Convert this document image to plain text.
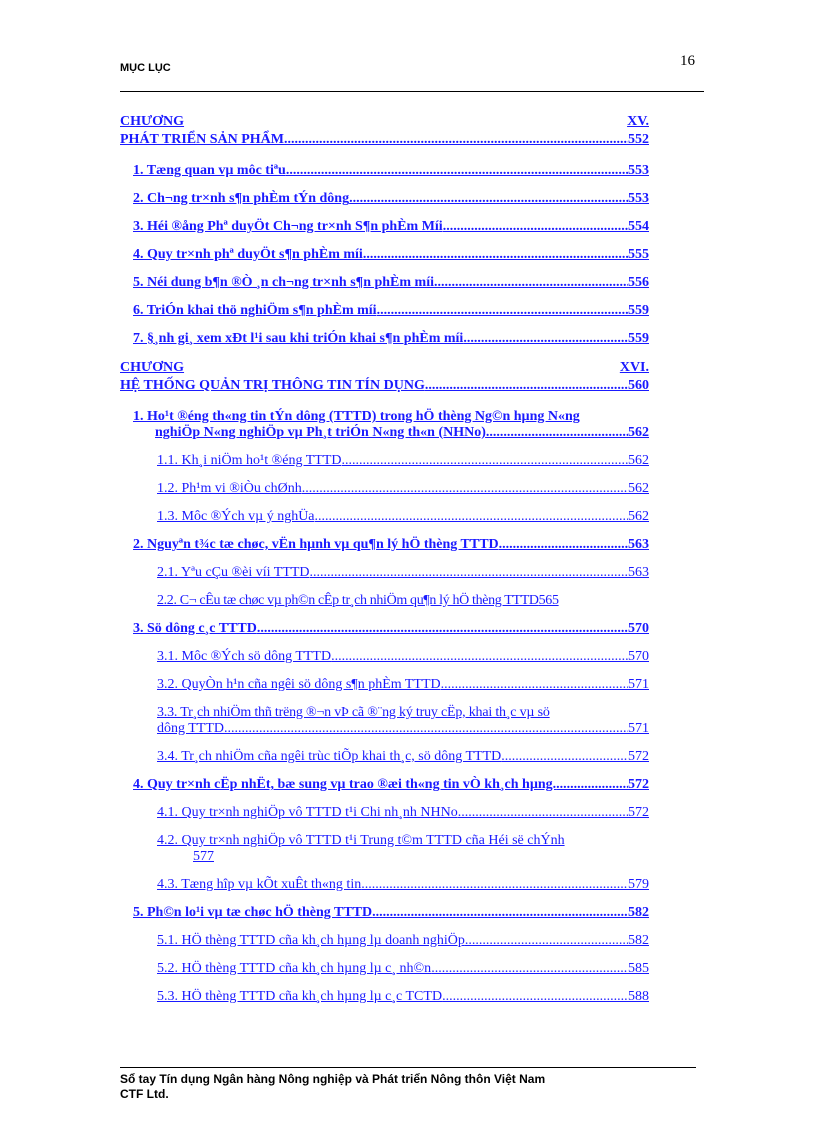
MỤC LỤC	16
CHƯƠNG	XV.
PHÁT TRIỂN SẢN PHẨM .....	552
1. Tæng quan vµ môc tiªu .....	553
2. Ch¬ng tr×nh s¶n phÈm tÝn dông .....	553
3. Héi ®ång Phª duyÖt Ch¬ng tr×nh S¶n phÈm Míi .....	554
4. Quy tr×nh phª duyÖt s¶n phÈm míi .....	555
5. Néi dung b¶n ®Ò ¸n ch¬ng tr×nh s¶n phÈm míi .....	556
6. TriÓn khai thö nghiÖm s¶n phÈm míi .....	559
7. §¸nh gi¸ xem xÐt l¹i sau khi triÓn khai s¶n phÈm míi .....	559
CHƯƠNG	XVI.
HỆ THỐNG QUẢN TRỊ THÔNG TIN TÍN DỤNG .....	560
1. Ho¹t ®éng th«ng tin tÝn dông (TTTD) trong hÖ thèng Ng©n hµng N«ng
nghiÖp N«ng nghiÖp vµ Ph¸t triÓn N«ng th«n (NHNo) .....	562
1.1. Kh¸i niÖm ho¹t ®éng TTTD .....	562
1.2. Ph¹m vi ®iÒu chØnh .....	562
1.3. Môc ®Ých vµ ý nghÜa .....	562
2. Nguyªn t¾c tæ chøc, vËn hµnh vµ qu¶n lý hÖ thèng TTTD .....	563
2.1. Yªu cÇu ®èi víi TTTD .....	563
2.2. C¬ cÊu tæ chøc vµ ph©n cÊp tr¸ch nhiÖm qu¶n lý hÖ thèng TTTD 565
3. Sö dông c¸c TTTD .....	570
3.1. Môc ®Ých sö dông TTTD .....	570
3.2. QuyÒn h¹n cña ngêi sö dông s¶n phÈm TTTD .....	571
3.3. Tr¸ch nhiÖm thñ trëng ®¬n vÞ cã ®¨ng ký truy cËp, khai th¸c vµ sö
dông TTTD .....	571
3.4. Tr¸ch nhiÖm cña ngêi trùc tiÕp khai th¸c, sö dông TTTD .....	572
4. Quy tr×nh cËp nhËt, bæ sung vµ trao ®æi th«ng tin vÒ kh¸ch hµng. .....	572
4.1. Quy tr×nh nghiÖp vô TTTD t¹i Chi nh¸nh NHNo .....	572
4.2. Quy tr×nh nghiÖp vô TTTD t¹i Trung t©m TTTD cña Héi së chÝnh
577
4.3. Tæng hîp vµ kÕt xuÊt th«ng tin .....	579
5. Ph©n lo¹i vµ tæ chøc hÖ thèng TTTD .....	582
5.1. HÖ thèng TTTD cña kh¸ch hµng lµ doanh nghiÖp .....	582
5.2. HÖ thèng TTTD cña kh¸ch hµng lµ c¸ nh©n .....	585
5.3. HÖ thèng TTTD cña kh¸ch hµng lµ c¸c TCTD .....	588
Sổ tay Tín dụng Ngân hàng Nông nghiệp và Phát triển Nông thôn Việt Nam
CTF Ltd.
